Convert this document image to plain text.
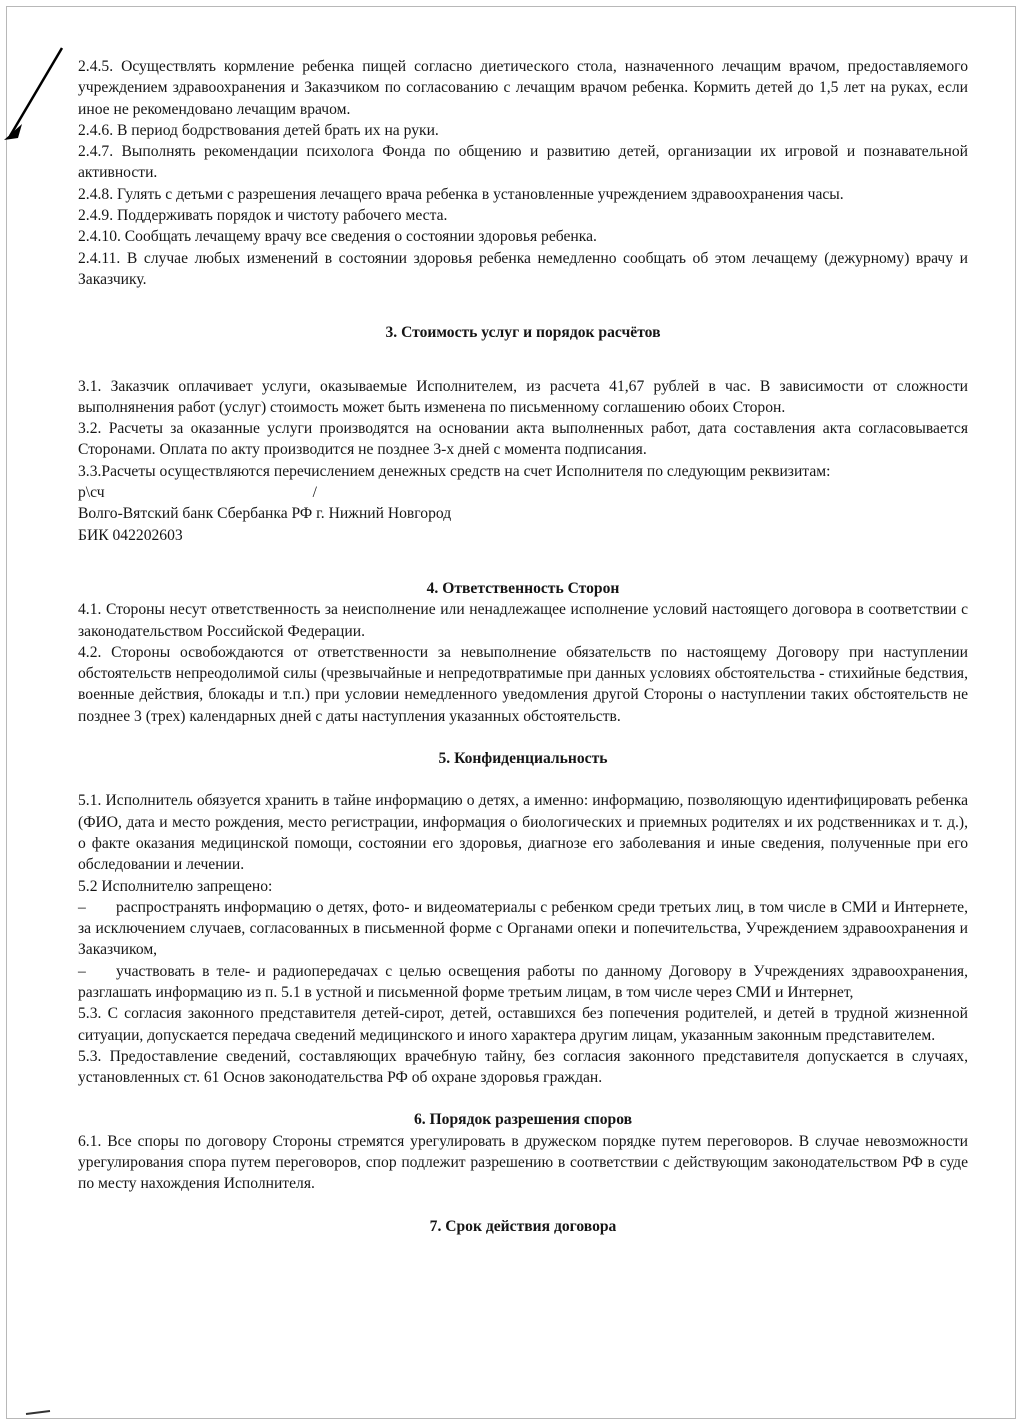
2.4.5. Осуществлять кормление ребенка пищей согласно диетического стола, назначенного лечащим врачом, предоставляемого учреждением здравоохранения и Заказчиком по согласованию с лечащим врачом ребенка. Кормить детей до 1,5 лет на руках, если иное не рекомендовано лечащим врачом.

2.4.6. В период бодрствования детей брать их на руки.

2.4.7. Выполнять рекомендации психолога Фонда по общению и развитию детей, организации их игровой и познавательной активности.

2.4.8. Гулять с детьми с разрешения лечащего врача ребенка в установленные учреждением здравоохранения часы.

2.4.9. Поддерживать порядок и чистоту рабочего места.

2.4.10. Сообщать лечащему врачу все сведения о состоянии здоровья ребенка.

2.4.11. В случае любых изменений в состоянии здоровья ребенка немедленно сообщать об этом лечащему (дежурному) врачу и Заказчику.

3. Стоимость услуг и порядок расчётов

3.1. Заказчик оплачивает услуги, оказываемые Исполнителем, из расчета 41,67 рублей в час. В зависимости от сложности выполнянения работ (услуг) стоимость может быть изменена по письменному соглашению обоих Сторон.

3.2. Расчеты за оказанные услуги производятся на основании акта выполненных работ, дата составления акта согласовывается Сторонами. Оплата по акту производится не позднее 3-х дней с момента подписания.

3.3.Расчеты осуществляются перечислением денежных средств на счет Исполнителя по следующим реквизитам:

р\сч	/

Волго-Вятский банк Сбербанка РФ г. Нижний Новгород

БИК 042202603

4. Ответственность Сторон

4.1. Стороны несут ответственность за неисполнение или ненадлежащее исполнение условий настоящего договора в соответствии с законодательством Российской Федерации.

4.2. Стороны освобождаются от ответственности за невыполнение обязательств по настоящему Договору при наступлении обстоятельств непреодолимой силы (чрезвычайные и непредотвратимые при данных условиях обстоятельства - стихийные бедствия, военные действия, блокады и т.п.) при условии немедленного уведомления другой Стороны о наступлении таких обстоятельств не позднее 3 (трех) календарных дней с даты наступления указанных обстоятельств.

5. Конфиденциальность

5.1. Исполнитель обязуется хранить в тайне информацию о детях, а именно: информацию, позволяющую идентифицировать ребенка (ФИО, дата и место рождения, место регистрации, информация о биологических и приемных родителях и их родственниках и т. д.), о факте оказания медицинской помощи, состоянии его здоровья, диагнозе его заболевания и иные сведения, полученные при его обследовании и лечении.

5.2 Исполнителю запрещено:

– распространять информацию о детях, фото- и видеоматериалы с ребенком среди третьих лиц, в том числе в СМИ и Интернете, за исключением случаев, согласованных в письменной форме с Органами опеки и попечительства, Учреждением здравоохранения и Заказчиком,

– участвовать в теле- и радиопередачах с целью освещения работы по данному Договору в Учреждениях здравоохранения, разглашать информацию из п. 5.1 в устной и письменной форме третьим лицам, в том числе через СМИ и Интернет,

5.3. С согласия законного представителя детей-сирот, детей, оставшихся без попечения родителей, и детей в трудной жизненной ситуации, допускается передача сведений медицинского и иного характера другим лицам, указанным законным представителем.

5.3. Предоставление сведений, составляющих врачебную тайну, без согласия законного представителя допускается в случаях, установленных ст. 61 Основ законодательства РФ об охране здоровья граждан.

6. Порядок разрешения споров

6.1. Все споры по договору Стороны стремятся урегулировать в дружеском порядке путем переговоров. В случае невозможности урегулирования спора путем переговоров, спор подлежит разрешению в соответствии с действующим законодательством РФ в суде по месту нахождения Исполнителя.

7. Срок действия договора
